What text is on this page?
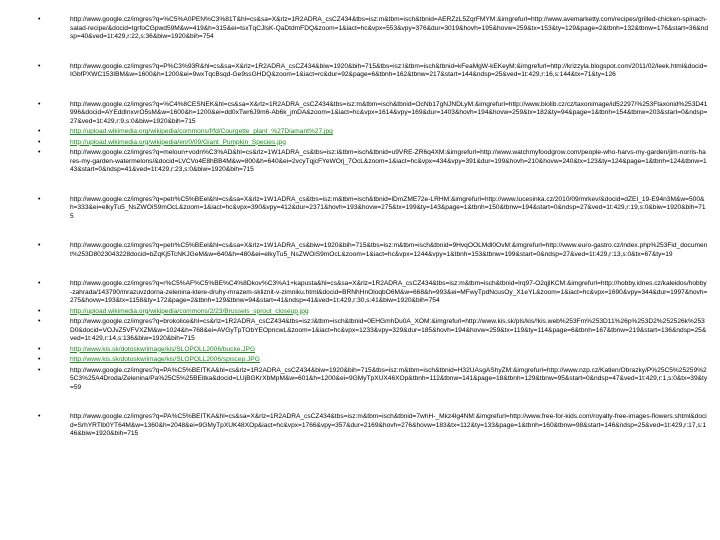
•	http://www.google.cz/imgres?q=%C5%A0PEN%C3%81T&hl=cs&sa=X&rlz=1R2ADRA_csCZ434&tbs=isz:m&tbm=isch&tbnid=AERZzL5ZqrFMYM:&imgrefurl=http://www.avemarketty.com/recipes/grilled-chicken-spinach-salad-recipe/&docid=tgrfoCGpwd59M&w=419&h=315&ei=tsxTqCJlsK-QaDtdmFDQ&zoom=1&iact=hc&vpx=553&vpy=376&dur=3019&hovh=195&hovw=259&tx=153&ty=129&page=2&tbnh=132&tbnw=176&start=36&ndsp=40&ved=1t:429,r:22,s:36&biw=1920&bih=754
•	http://www.google.cz/imgres?q=P%C3%93R&hl=cs&sa=X&rlz=1R2ADRA_csCZ434&biw=1920&bih=715&tbs=isz:l&tbm=isch&tbnid=kFeaMgW-kEKeyM:&imgrefurl=http://krizzyla.blogspot.com/2011/02/leek.html&docid=IGbfPXWC153IBM&w=1600&h=1200&ei=9wxTqcBsqd-Ge9ssGHDQ&zoom=1&iact=rc&dur=92&page=6&tbnh=162&tbnw=217&start=144&ndsp=25&ved=1t:429,r:16,s:144&tx=71&ty=126
•	http://www.google.cz/imgres?q=%C4%8CESNEK&hl=cs&sa=X&rlz=1R2ADRA_csCZ434&tbs=isz:m&tbm=isch&tbnid=OcNb17gNJNDLyM:&imgrefurl=http://www.biolib.cz/cz/taxonimage/id52297/%253Ftaxonid%253D41996&docid=AYEddInxvrO5sM&w=1600&h=1200&ei=dd0xTwr6J9m6-Ab6k_jmDA&zoom=1&iact=hc&vpx=1614&vpy=169&dur=1403&hovh=194&hovw=259&tx=182&ty=94&page=1&tbnh=154&tbnw=203&start=0&ndsp=27&ved=1t:429,r:9,s:0&biw=1920&bih=715
•	http://upload.wikimedia.org/wikipedia/commons/f/fd/Courgette_plant_%27Diamant%27.jpg
•	http://upload.wikimedia.org/wikipedia/en/0/09/Giant_Pumpkin_Species.jpg
•	http://www.google.cz/imgres?q=meloun+vodn%C3%AD&hl=cs&rlz=1W1ADRA_cs&tbs=isz:l&tbm=isch&tbnid=u9VRE-ZR6q4XM:&imgrefurl=http://www.watchmyfoodgrow.com/people-who-harvs-my-garden/jim-norris-hares-my-garden-watermelons/&docid=LVCVo4E8hBB4M&w=800&h=640&ei=2vcyTqjcFYeWOrj_7OcL&zoom=1&iact=hc&vpx=434&vpy=391&dur=199&hovh=210&hovw=240&tx=123&ty=124&page=1&tbnh=124&tbnw=143&start=0&ndsp=41&ved=1t:429,r:23,s:0&biw=1920&bih=715
•	http://www.google.cz/imgres?q=petr%C5%BEel&hl=cs&sa=X&rlz=1W1ADRA_cs&tbs=isz:m&tbm=isch&tbnid=lDmZME72e-LRHM:&imgrefurl=http://www.lucesinka.cz/2010/09/mrkev/&docid=dZEI_19-E94n3M&w=500&h=333&ei=elkyTu5_NsZWOiS9mOcL&zoom=1&iact=hc&vpx=390&vpy=412&dur=2371&hovh=193&hovw=275&tx=199&ty=143&page=1&tbnh=150&tbnw=194&start=0&ndsp=27&ved=1t:429,r:19,s:0&biw=1920&bih=715
•	http://www.google.cz/imgres?q=petr%C5%BEel&hl=cs&sa=X&rlz=1W1ADRA_cs&biw=1920&bih=715&tbs=isz:m&tbm=isch&tbnid=9HvqOOLMdl0OvM:&imgrefurl=http://www.euro-gastro.cz/index.php%253Fid_document%253D8023043228docid=bZqKj5TcNKJGeM&w=640&h=480&ei=elkyTu5_NsZWOiS9mOcL&zoom=1&iact=hc&vpx=1244&vpy=1&tbnh=153&tbnw=199&start=0&ndsp=27&ved=1t:429,r:13,s:0&tx=67&ty=19
•	http://www.google.cz/imgres?q=r%C5%AF%C5%BE%C4%8Dkov%C3%A1+kapusta&hl=cs&sa=X&rlz=1R2ADRA_csCZ434&tbs=isz:m&tbm=isch&tbnid=lrq97-O2qjlKCM:&imgrefurl=http://hobby.idnes.cz/kaleidos/hobby-zahrada/143790/mrazuvzdorna-zelenina-ktere-druhy-mrazem-skliznit-v-zimniku.html&docid=BRNhHnOloqbO6M&w=668&h=993&ei=MFwyTpdNcusOy_X1eYL&zoom=1&iact=hc&vpx=1690&vpy=344&dur=1997&hovh=275&hovw=193&tx=1158&ty=172&page=2&tbnh=129&tbnw=94&start=41&ndsp=41&ved=1t:429,r:30,s:41&biw=1920&bih=754
•	http://upload.wikimedia.org/wikipedia/commons/2/23/Brussels_sprout_closeup.jpg
•	http://www.google.cz/imgres?q=brokolice&hl=cs&rlz=1R2ADRA_csCZ434&tbs=isz:l&tbm=isch&tbnid=0EHGmhDu0A_XOM:&imgrefurl=http://www.kis.sk/pls/kis/!kis.web%253Fm%253D11%26p%253D2%252526k%253D0&docid=VOJvZ5VFVXZM&w=1024&h=768&ei=AVGyTpTObYEOpncwL&zoom=1&iact=hc&vpx=1233&vpy=329&dur=185&hovh=194&hovw=259&tx=119&ty=114&page=6&tbnh=167&tbnw=219&start=136&ndsp=25&ved=1t:429,r:14,s:136&biw=1920&bih=715
•	http://www.kis.sk/dotoskw/image/kis/SLOPOLL2006/bucke.JPG
•	http://www.kis.sk/dotoskw/image/kis/SLOPOLL2006/spiscep.JPG
•	http://www.google.cz/imgres?q=PA%C5%BEITKA&hl=cs&rlz=1R2ADRA_csCZ434&biw=1920&bih=715&tbs=isz:m&tbm=isch&tbnid=H32UAsgAShyZM:&imgrefurl=http://www.nzp.cz/Katlen/Obrazky/P%25C5%25259%25C3%25A4Droda/Zelenina/Pa%25C5%25BEitka&docid=LUjBGKrXbMpM&w=601&h=1200&ei=9GMyTpXUX46XOp&tbnh=112&tbnw=141&page=18&tbnh=129&tbnw=95&start=0&ndsp=47&ved=1t:429,r:1,s:0&tx=39&ty=59
•	http://www.google.cz/imgres?q=PA%C5%BEITKA&hl=cs&sa=X&rlz=1R2ADRA_csCZ434&tbs=isz:m&tbm=isch&tbnid=7whH-_Mkz4lg4NM:&imgrefurl=http://www.free-for-kids.com/royalty-free-images-flowers.shtml&docid=SrhYRTlb0YT64M&w=1360&h=2048&ei=9GMyTpXUK48XOp&iact=hc&vpx=1766&vpy=357&dur=2169&hovh=276&hovw=183&tx=112&ty=133&page=1&tbnh=160&tbnw=98&start=146&ndsp=25&ved=1t:429,r:17,s:146&biw=1920&bih=715
